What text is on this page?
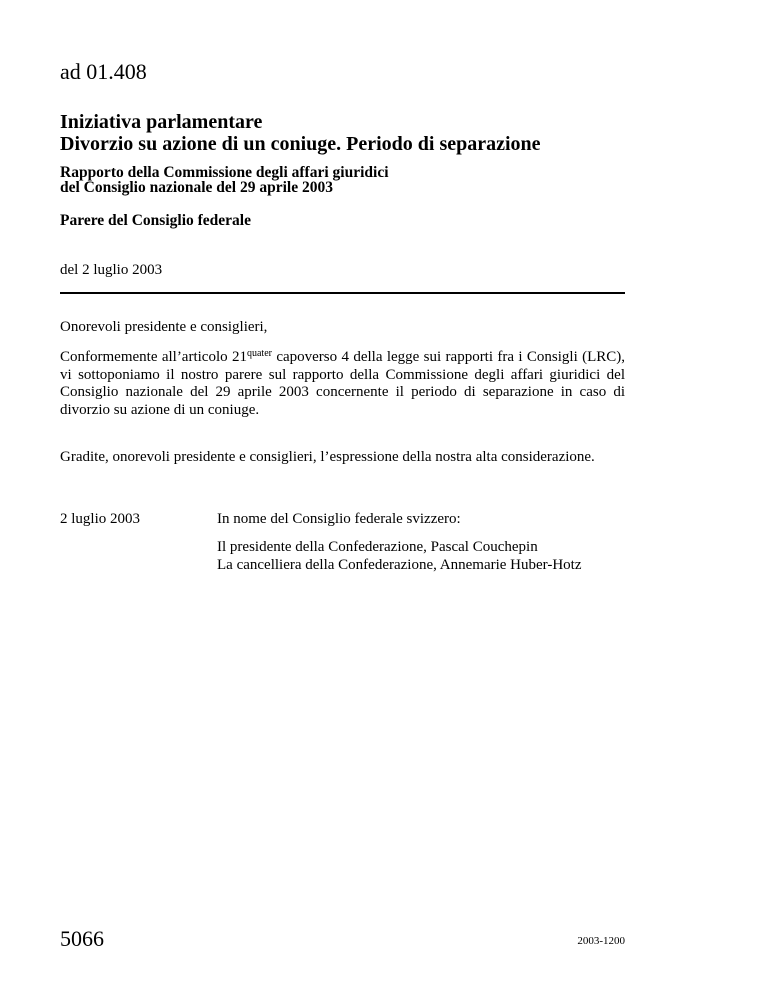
ad 01.408

Iniziativa parlamentare
Divorzio su azione di un coniuge. Periodo di separazione
Rapporto della Commissione degli affari giuridici
del Consiglio nazionale del 29 aprile 2003
Parere del Consiglio federale

del 2 luglio 2003

Onorevoli presidente e consiglieri,

Conformemente all’articolo $21^{quater}$ capoverso 4 della legge sui rapporti fra i Consigli (LRC), vi sottoponiamo il nostro parere sul rapporto della Commissione degli affari giuridici del Consiglio nazionale del 29 aprile 2003 concernente il periodo di separazione in caso di divorzio su azione di un coniuge.

Gradite, onorevoli presidente e consiglieri, l’espressione della nostra alta considerazione.

2 luglio 2003	In nome del Consiglio federale svizzero:
Il presidente della Confederazione, Pascal Couchepin
La cancelliera della Confederazione, Annemarie Huber-Hotz

5066	2003-1200
